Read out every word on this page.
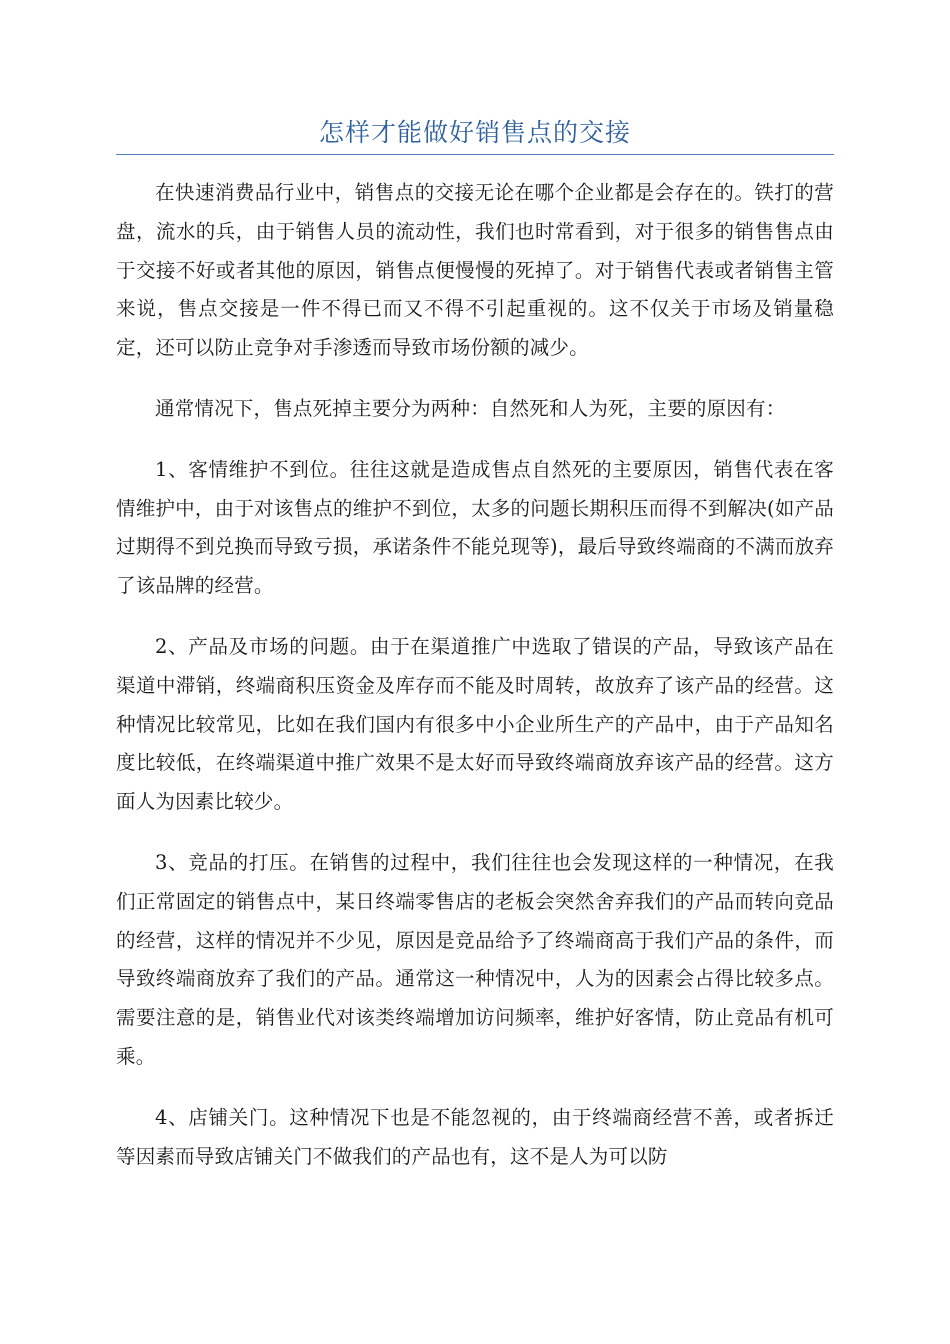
怎样才能做好销售点的交接

在快速消费品行业中，销售点的交接无论在哪个企业都是会存在的。铁打的营盘，流水的兵，由于销售人员的流动性，我们也时常看到，对于很多的销售售点由于交接不好或者其他的原因，销售点便慢慢的死掉了。对于销售代表或者销售主管来说，售点交接是一件不得已而又不得不引起重视的。这不仅关于市场及销量稳定，还可以防止竞争对手渗透而导致市场份额的减少。

通常情况下，售点死掉主要分为两种：自然死和人为死，主要的原因有：

1、客情维护不到位。往往这就是造成售点自然死的主要原因，销售代表在客情维护中，由于对该售点的维护不到位，太多的问题长期积压而得不到解决(如产品过期得不到兑换而导致亏损，承诺条件不能兑现等)，最后导致终端商的不满而放弃了该品牌的经营。

2、产品及市场的问题。由于在渠道推广中选取了错误的产品，导致该产品在渠道中滞销，终端商积压资金及库存而不能及时周转，故放弃了该产品的经营。这种情况比较常见，比如在我们国内有很多中小企业所生产的产品中，由于产品知名度比较低，在终端渠道中推广效果不是太好而导致终端商放弃该产品的经营。这方面人为因素比较少。

3、竞品的打压。在销售的过程中，我们往往也会发现这样的一种情况，在我们正常固定的销售点中，某日终端零售店的老板会突然舍弃我们的产品而转向竞品的经营，这样的情况并不少见，原因是竞品给予了终端商高于我们产品的条件，而导致终端商放弃了我们的产品。通常这一种情况中，人为的因素会占得比较多点。需要注意的是，销售业代对该类终端增加访问频率，维护好客情，防止竞品有机可乘。

4、店铺关门。这种情况下也是不能忽视的，由于终端商经营不善，或者拆迁等因素而导致店铺关门不做我们的产品也有，这不是人为可以防
